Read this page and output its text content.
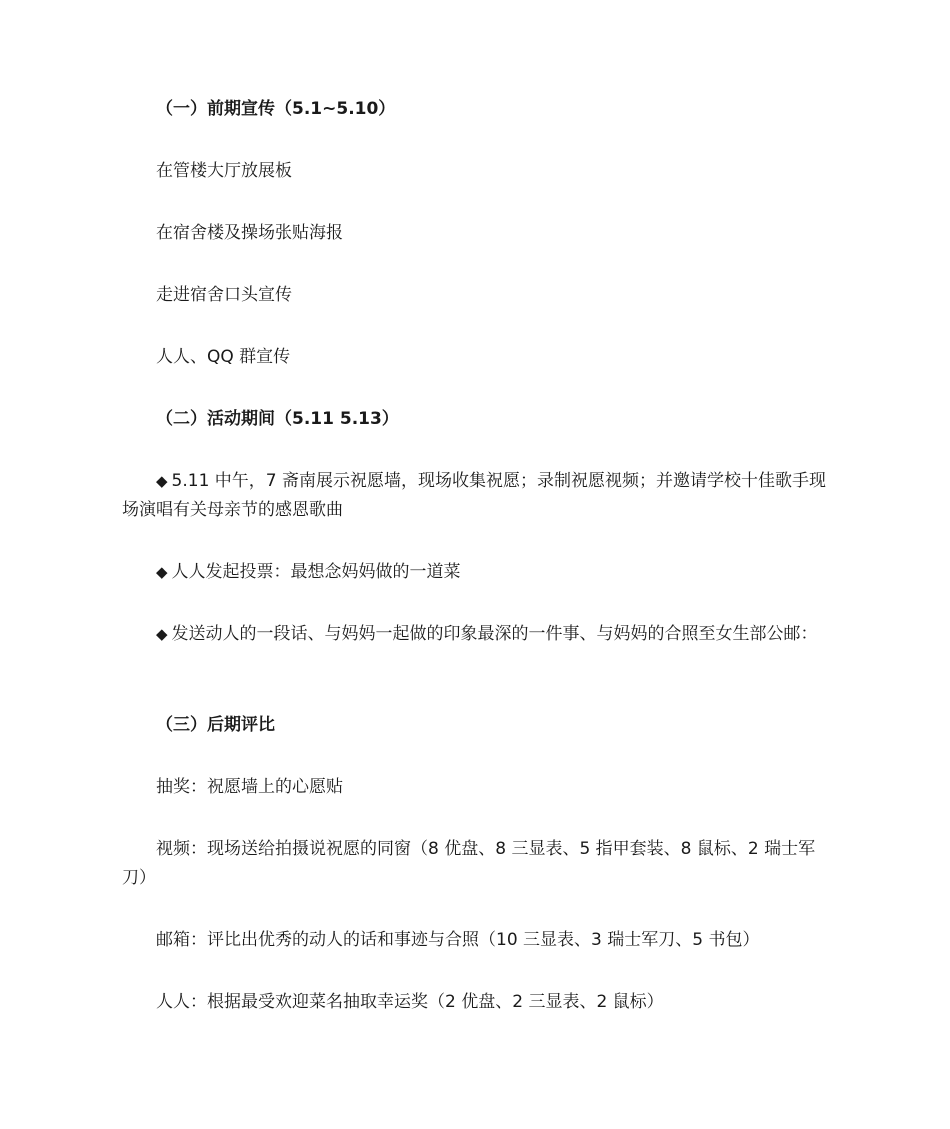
（一）前期宣传（5.1~5.10）
在管楼大厅放展板
在宿舍楼及操场张贴海报
走进宿舍口头宣传
人人、QQ 群宣传
（二）活动期间（5.11 5.13）
◆ 5.11 中午，7 斋南展示祝愿墙，现场收集祝愿；录制祝愿视频；并邀请学校十佳歌手现场演唱有关母亲节的感恩歌曲
◆ 人人发起投票：最想念妈妈做的一道菜
◆ 发送动人的一段话、与妈妈一起做的印象最深的一件事、与妈妈的合照至女生部公邮：
（三）后期评比
抽奖：祝愿墙上的心愿贴
视频：现场送给拍摄说祝愿的同窗（8 优盘、8 三显表、5 指甲套装、8 鼠标、2 瑞士军刀）
邮箱：评比出优秀的动人的话和事迹与合照（10 三显表、3 瑞士军刀、5 书包）
人人：根据最受欢迎菜名抽取幸运奖（2 优盘、2 三显表、2 鼠标）
